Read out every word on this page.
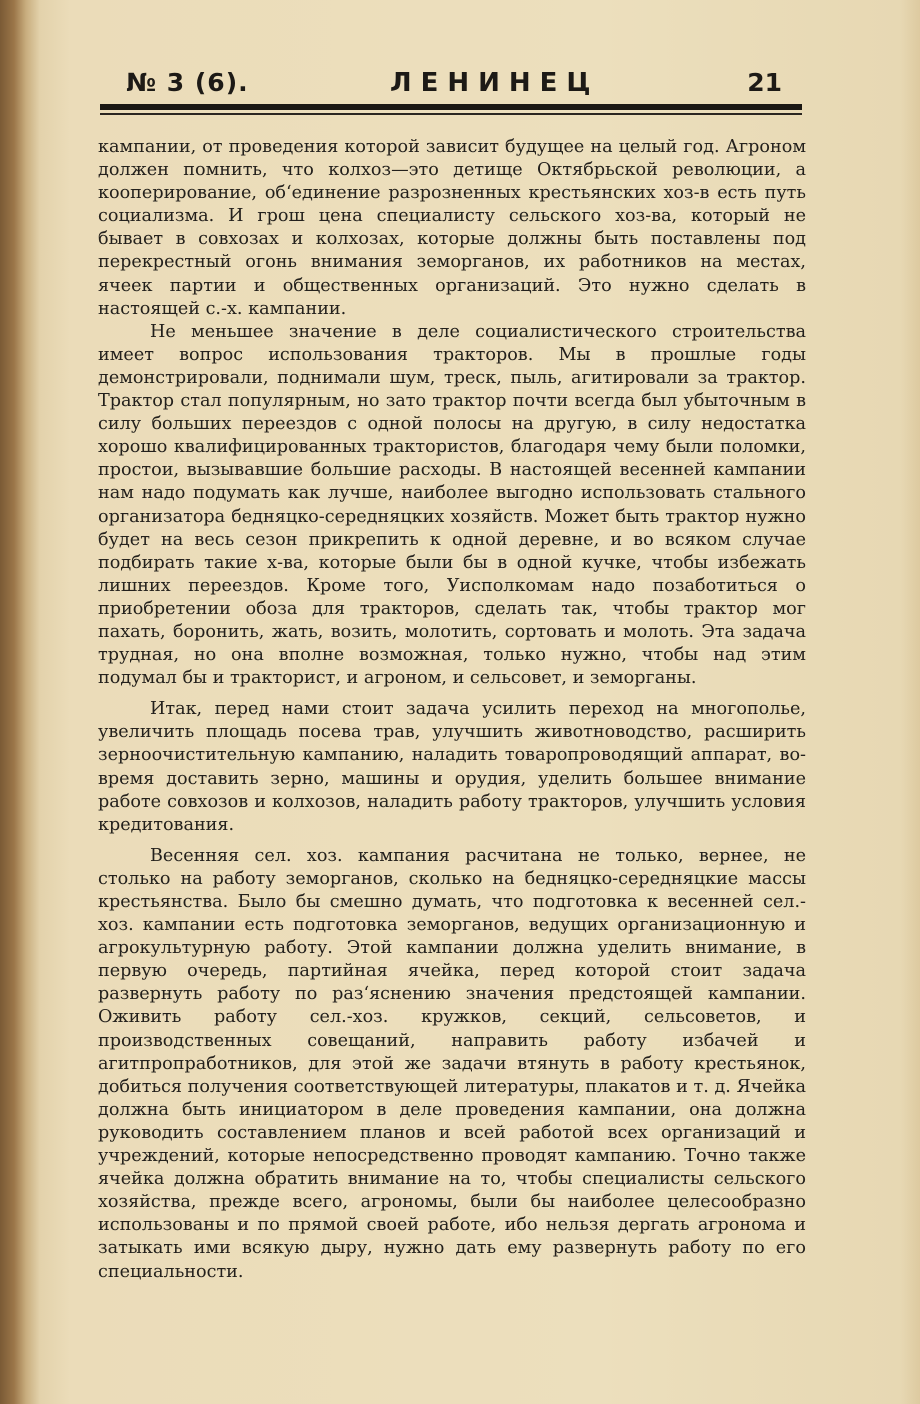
№ 3 (6).	ЛЕНИНЕЦ	21

кампании, от проведения которой зависит будущее на целый год. Агроном должен помнить, что колхоз—это детище Октябрьской революции, а кооперирование, об‘единение разрозненных крестьянских хоз-в есть путь социализма. И грош цена специалисту сельского хоз-ва, который не бывает в совхозах и колхозах, которые должны быть поставлены под перекрестный огонь внимания земорганов, их работников на местах, ячеек партии и общественных организаций. Это нужно сделать в настоящей с.-х. кампании.

Не меньшее значение в деле социалистического строительства имеет вопрос использования тракторов. Мы в прошлые годы демонстрировали, поднимали шум, треск, пыль, агитировали за трактор. Трактор стал популярным, но зато трактор почти всегда был убыточным в силу больших переездов с одной полосы на другую, в силу недостатка хорошо квалифицированных трактористов, благодаря чему были поломки, простои, вызывавшие большие расходы. В настоящей весенней кампании нам надо подумать как лучше, наиболее выгодно использовать стального организатора бедняцко-середняцких хозяйств. Может быть трактор нужно будет на весь сезон прикрепить к одной деревне, и во всяком случае подбирать такие х-ва, которые были бы в одной кучке, чтобы избежать лишних переездов. Кроме того, Уисполкомам надо позаботиться о приобретении обоза для тракторов, сделать так, чтобы трактор мог пахать, боронить, жать, возить, молотить, сортовать и молоть. Эта задача трудная, но она вполне возможная, только нужно, чтобы над этим подумал бы и тракторист, и агроном, и сельсовет, и земорганы.

Итак, перед нами стоит задача усилить переход на многополье, увеличить площадь посева трав, улучшить животноводство, расширить зерноочистительную кампанию, наладить товаропроводящий аппарат, во-время доставить зерно, машины и орудия, уделить большее внимание работе совхозов и колхозов, наладить работу тракторов, улучшить условия кредитования.

Весенняя сел. хоз. кампания расчитана не только, вернее, не столько на работу земорганов, сколько на бедняцко-середняцкие массы крестьянства. Было бы смешно думать, что подготовка к весенней сел.-хоз. кампании есть подготовка земорганов, ведущих организационную и агрокультурную работу. Этой кампании должна уделить внимание, в первую очередь, партийная ячейка, перед которой стоит задача развернуть работу по раз‘яснению значения предстоящей кампании. Оживить работу сел.-хоз. кружков, секций, сельсоветов, и производственных совещаний, направить работу избачей и агитпропработников, для этой же задачи втянуть в работу крестьянок, добиться получения соответствующей литературы, плакатов и т. д. Ячейка должна быть инициатором в деле проведения кампании, она должна руководить составлением планов и всей работой всех организаций и учреждений, которые непосредственно проводят кампанию. Точно также ячейка должна обратить внимание на то, чтобы специалисты сельского хозяйства, прежде всего, агрономы, были бы наиболее целесообразно использованы и по прямой своей работе, ибо нельзя дергать агронома и затыкать ими всякую дыру, нужно дать ему развернуть работу по его специальности.
